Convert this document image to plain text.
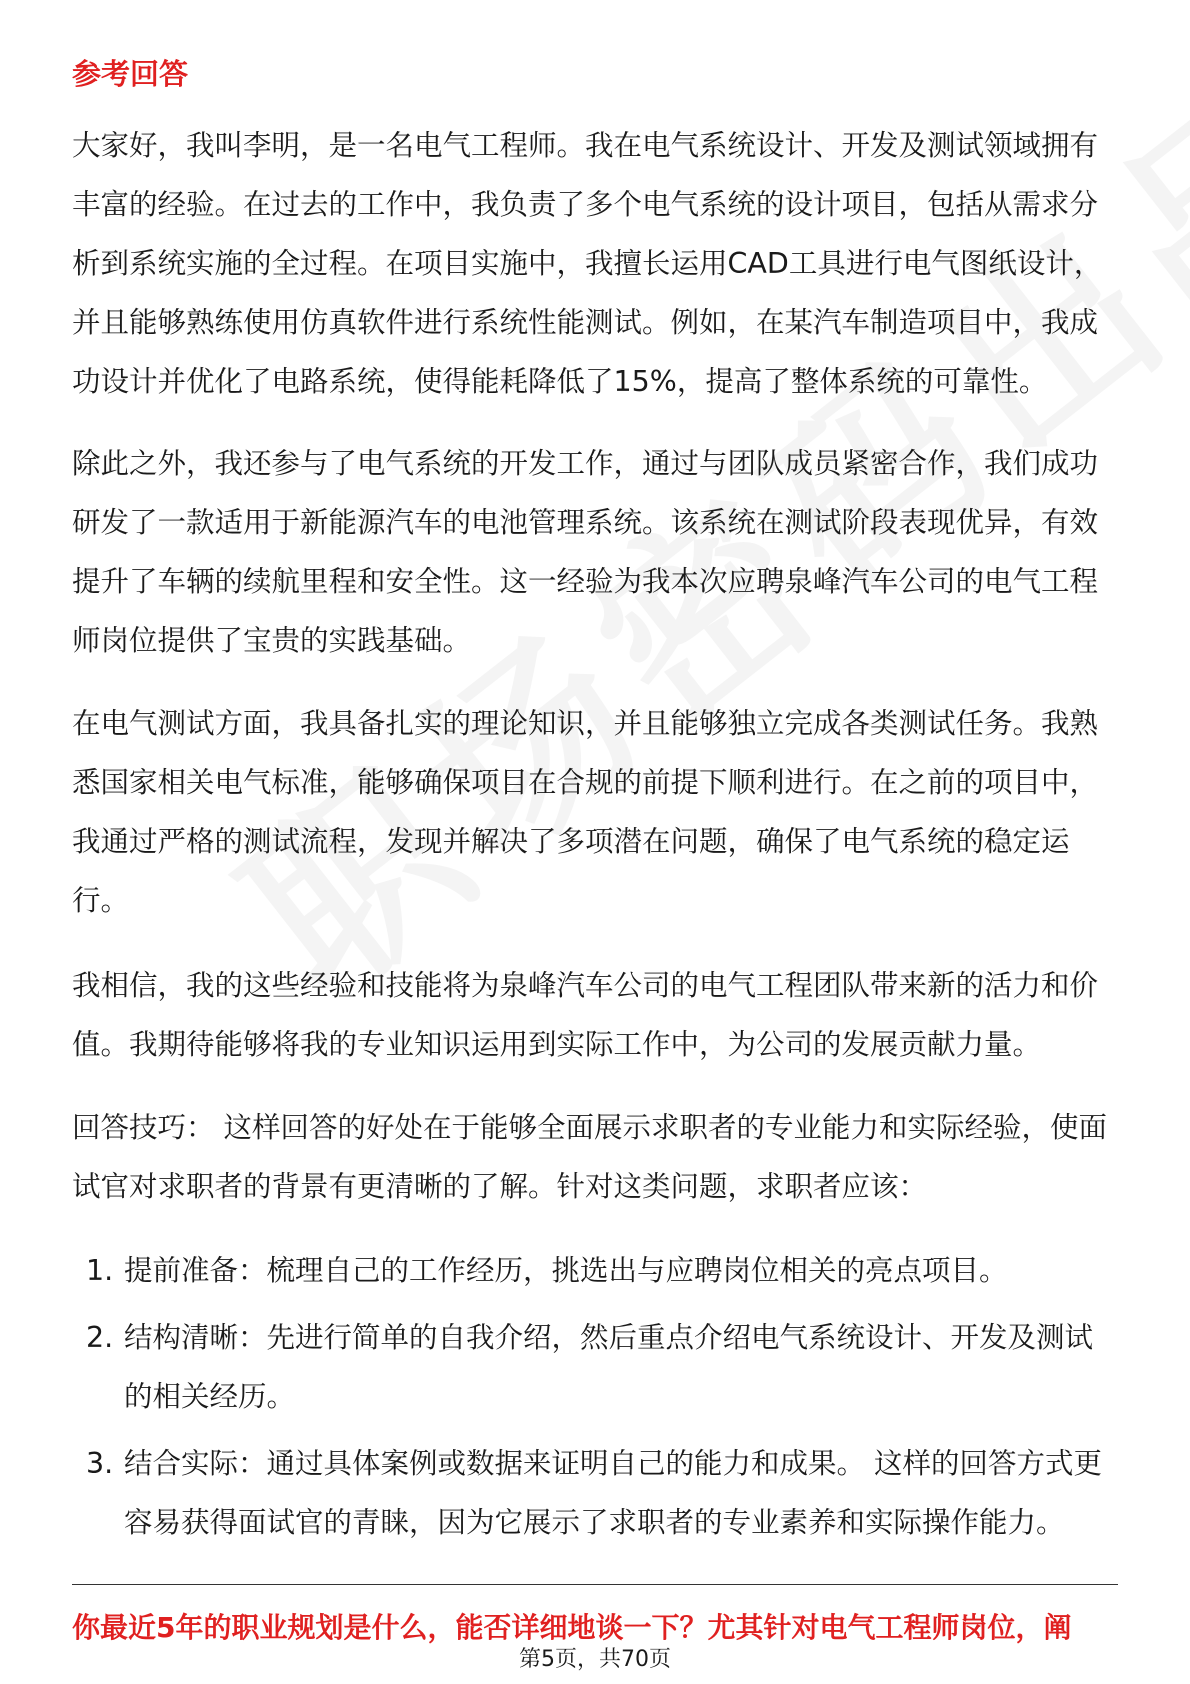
参考回答

大家好，我叫李明，是一名电气工程师。我在电气系统设计、开发及测试领域拥有丰富的经验。在过去的工作中，我负责了多个电气系统的设计项目，包括从需求分析到系统实施的全过程。在项目实施中，我擅长运用CAD工具进行电气图纸设计，并且能够熟练使用仿真软件进行系统性能测试。例如，在某汽车制造项目中，我成功设计并优化了电路系统，使得能耗降低了15%，提高了整体系统的可靠性。

除此之外，我还参与了电气系统的开发工作，通过与团队成员紧密合作，我们成功研发了一款适用于新能源汽车的电池管理系统。该系统在测试阶段表现优异，有效提升了车辆的续航里程和安全性。这一经验为我本次应聘泉峰汽车公司的电气工程师岗位提供了宝贵的实践基础。

在电气测试方面，我具备扎实的理论知识，并且能够独立完成各类测试任务。我熟悉国家相关电气标准，能够确保项目在合规的前提下顺利进行。在之前的项目中，我通过严格的测试流程，发现并解决了多项潜在问题，确保了电气系统的稳定运行。

我相信，我的这些经验和技能将为泉峰汽车公司的电气工程团队带来新的活力和价值。我期待能够将我的专业知识运用到实际工作中，为公司的发展贡献力量。

回答技巧： 这样回答的好处在于能够全面展示求职者的专业能力和实际经验，使面试官对求职者的背景有更清晰的了解。针对这类问题，求职者应该：

1. 提前准备：梳理自己的工作经历，挑选出与应聘岗位相关的亮点项目。
2. 结构清晰：先进行简单的自我介绍，然后重点介绍电气系统设计、开发及测试的相关经历。
3. 结合实际：通过具体案例或数据来证明自己的能力和成果。 这样的回答方式更容易获得面试官的青睐，因为它展示了求职者的专业素养和实际操作能力。
你最近5年的职业规划是什么，能否详细地谈一下？尤其针对电气工程师岗位，阐
第5页，共70页
